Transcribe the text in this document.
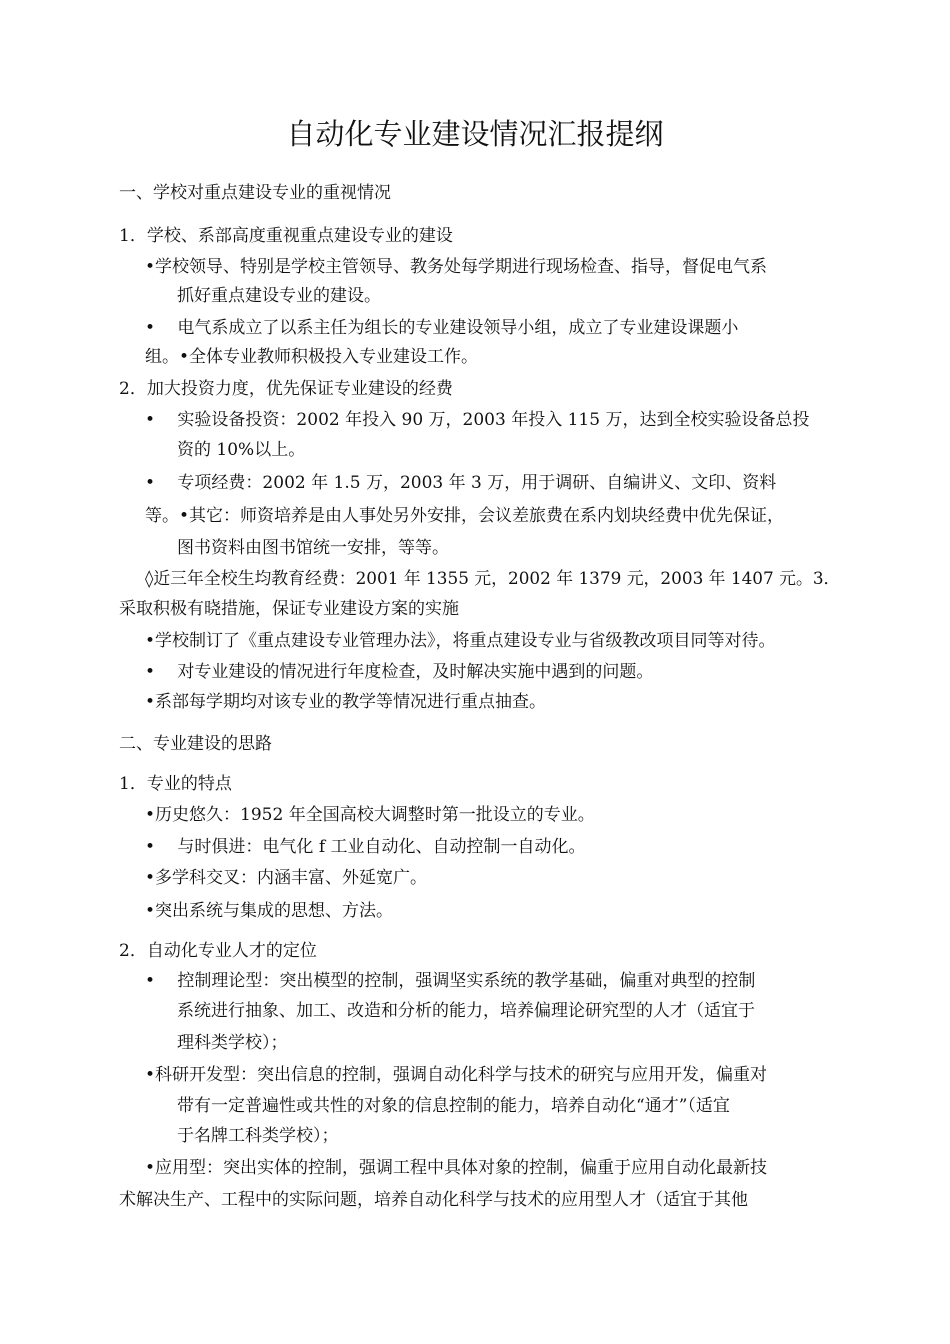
自动化专业建设情况汇报提纲
一、学校对重点建设专业的重视情况
1．学校、系部高度重视重点建设专业的建设
•学校领导、特别是学校主管领导、教务处每学期进行现场检查、指导，督促电气系
抓好重点建设专业的建设。
•　 电气系成立了以系主任为组长的专业建设领导小组，成立了专业建设课题小
组。•全体专业教师积极投入专业建设工作。
2．加大投资力度，优先保证专业建设的经费
•　 实验设备投资：2002 年投入 90 万，2003 年投入 115 万，达到全校实验设备总投
资的 10%以上。
•　 专项经费：2002 年 1.5 万，2003 年 3 万，用于调研、自编讲义、文印、资料
等。•其它：师资培养是由人事处另外安排，会议差旅费在系内划块经费中优先保证，
图书资料由图书馆统一安排，等等。
◊近三年全校生均教育经费：2001 年 1355 元，2002 年 1379 元，2003 年 1407 元。3．
采取积极有晓措施，保证专业建设方案的实施
•学校制订了《重点建设专业管理办法》，将重点建设专业与省级教改项目同等对待。
•　 对专业建设的情况进行年度检查，及时解决实施中遇到的问题。
•系部每学期均对该专业的教学等情况进行重点抽查。
二、专业建设的思路
1．专业的特点
•历史悠久：1952 年全国高校大调整时第一批设立的专业。
•　 与时俱进：电气化 f 工业自动化、自动控制一自动化。
•多学科交叉：内涵丰富、外延宽广。
•突出系统与集成的思想、方法。
2．自动化专业人才的定位
•　 控制理论型：突出模型的控制，强调坚实系统的教学基础，偏重对典型的控制
系统进行抽象、加工、改造和分析的能力，培养偏理论研究型的人才（适宜于
理科类学校）；
•科研开发型：突出信息的控制，强调自动化科学与技术的研究与应用开发，偏重对
带有一定普遍性或共性的对象的信息控制的能力，培养自动化“通才”（适宜
于名牌工科类学校）；
•应用型：突出实体的控制，强调工程中具体对象的控制，偏重于应用自动化最新技
术解决生产、工程中的实际问题，培养自动化科学与技术的应用型人才（适宜于其他
